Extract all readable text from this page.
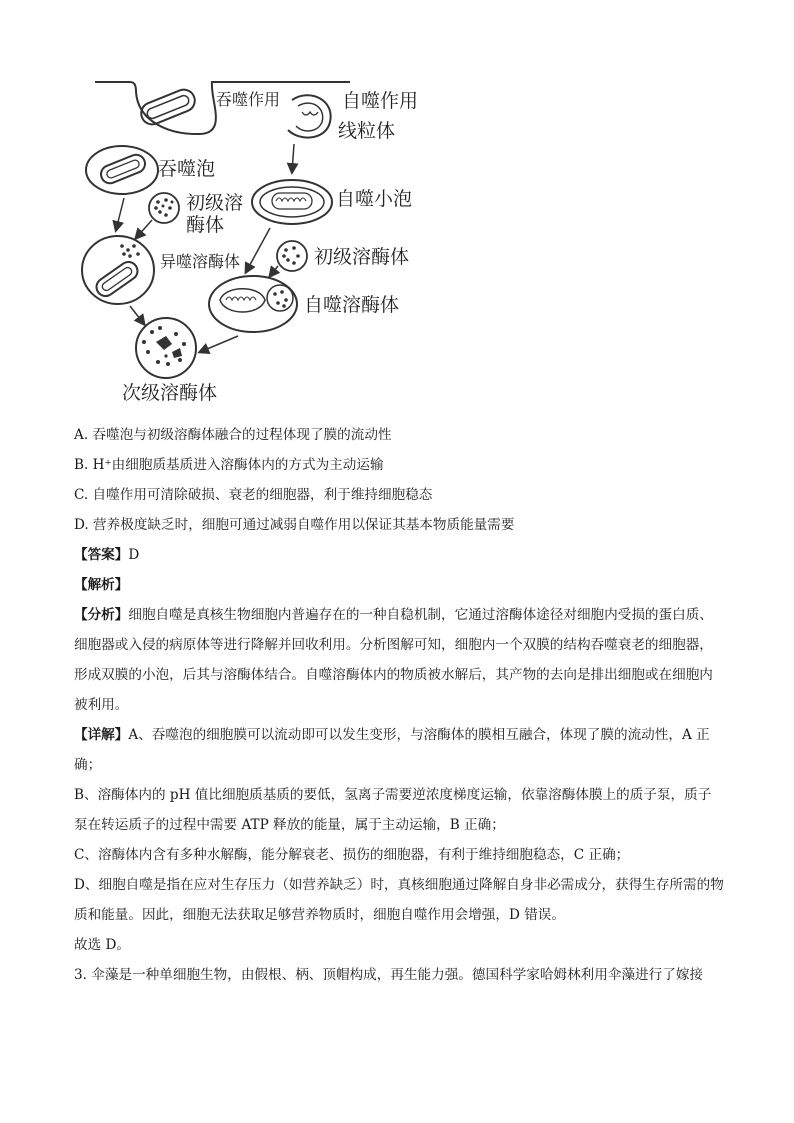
吞噬作用	自噬作用
线粒体
吞噬泡
初级溶
酶体
自噬小泡
异噬溶酶体	初级溶酶体
自噬溶酶体
次级溶酶体

A. 吞噬泡与初级溶酶体融合的过程体现了膜的流动性

B. H⁺由细胞质基质进入溶酶体内的方式为主动运输

C. 自噬作用可清除破损、衰老的细胞器，利于维持细胞稳态

D. 营养极度缺乏时，细胞可通过减弱自噬作用以保证其基本物质能量需要

【答案】D

【解析】

【分析】细胞自噬是真核生物细胞内普遍存在的一种自稳机制，它通过溶酶体途径对细胞内受损的蛋白质、细胞器或入侵的病原体等进行降解并回收利用。分析图解可知，细胞内一个双膜的结构吞噬衰老的细胞器，形成双膜的小泡，后其与溶酶体结合。自噬溶酶体内的物质被水解后，其产物的去向是排出细胞或在细胞内被利用。

【详解】A、吞噬泡的细胞膜可以流动即可以发生变形，与溶酶体的膜相互融合，体现了膜的流动性，A 正确；

B、溶酶体内的 pH 值比细胞质基质的要低，氢离子需要逆浓度梯度运输，依靠溶酶体膜上的质子泵，质子泵在转运质子的过程中需要 ATP 释放的能量，属于主动运输，B 正确；

C、溶酶体内含有多种水解酶，能分解衰老、损伤的细胞器，有利于维持细胞稳态，C 正确；

D、细胞自噬是指在应对生存压力（如营养缺乏）时，真核细胞通过降解自身非必需成分，获得生存所需的物质和能量。因此，细胞无法获取足够营养物质时，细胞自噬作用会增强，D 错误。

故选 D。

3. 伞藻是一种单细胞生物，由假根、柄、顶帽构成，再生能力强。德国科学家哈姆林利用伞藻进行了嫁接
